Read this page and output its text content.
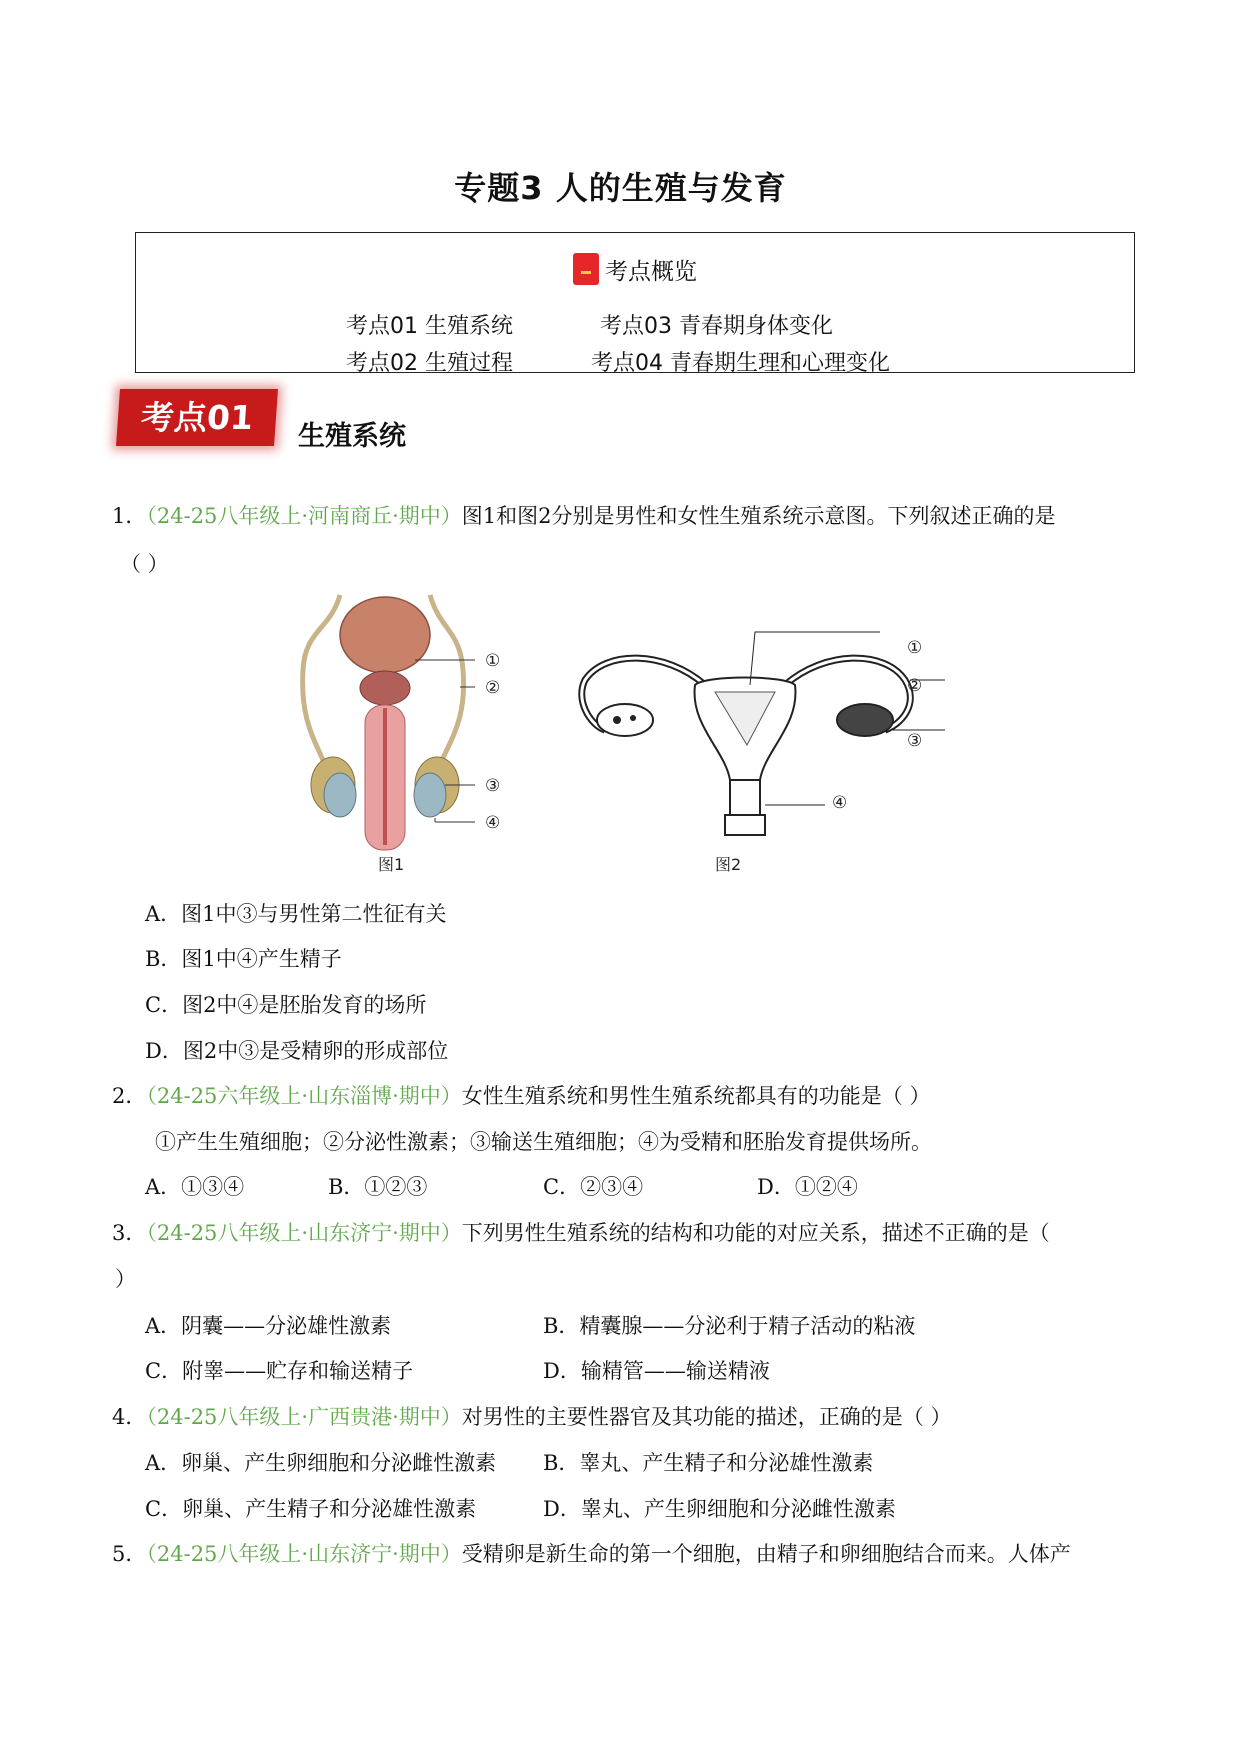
专题3 人的生殖与发育
考点概览
考点01 生殖系统	考点03 青春期身体变化
考点02 生殖过程	考点04 青春期生理和心理变化
考点01	生殖系统
1．（24-25八年级上·河南商丘·期中）图1和图2分别是男性和女性生殖系统示意图。下列叙述正确的是
（ ）
①
②
③
④
图1
①
②
③
④
图2
A．图1中③与男性第二性征有关
B．图1中④产生精子
C．图2中④是胚胎发育的场所
D．图2中③是受精卵的形成部位
2．（24-25六年级上·山东淄博·期中）女性生殖系统和男性生殖系统都具有的功能是（ ）
①产生生殖细胞；②分泌性激素；③输送生殖细胞；④为受精和胚胎发育提供场所。
A．①③④	B．①②③	C．②③④	D．①②④
3．（24-25八年级上·山东济宁·期中）下列男性生殖系统的结构和功能的对应关系，描述不正确的是（
）
A．阴囊——分泌雄性激素	B．精囊腺——分泌利于精子活动的粘液
C．附睾——贮存和输送精子	D．输精管——输送精液
4．（24-25八年级上·广西贵港·期中）对男性的主要性器官及其功能的描述，正确的是（ ）
A．卵巢、产生卵细胞和分泌雌性激素 B．睾丸、产生精子和分泌雄性激素
C．卵巢、产生精子和分泌雄性激素	D．睾丸、产生卵细胞和分泌雌性激素
5．（24-25八年级上·山东济宁·期中）受精卵是新生命的第一个细胞，由精子和卵细胞结合而来。人体产
